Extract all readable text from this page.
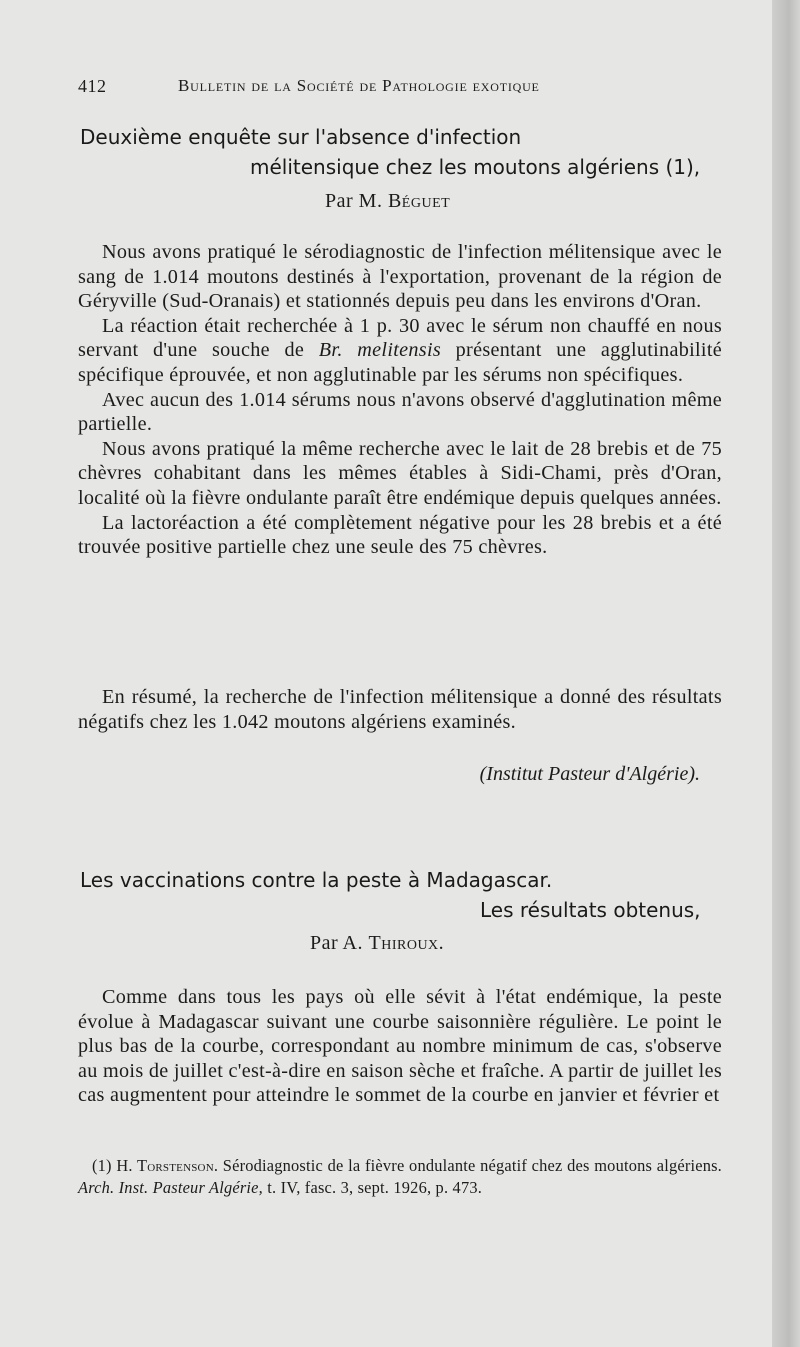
412	Bulletin de la Société de Pathologie exotique
Deuxième enquête sur l'absence d'infection
mélitensique chez les moutons algériens (1),
Par M. Béguet

Nous avons pratiqué le sérodiagnostic de l'infection mélitensique avec le sang de 1.014 moutons destinés à l'exportation, provenant de la région de Géryville (Sud-Oranais) et stationnés depuis peu dans les environs d'Oran.

La réaction était recherchée à 1 p. 30 avec le sérum non chauffé en nous servant d'une souche de Br. melitensis présentant une agglutinabilité spécifique éprouvée, et non agglutinable par les sérums non spécifiques.

Avec aucun des 1.014 sérums nous n'avons observé d'agglutination même partielle.

Nous avons pratiqué la même recherche avec le lait de 28 brebis et de 75 chèvres cohabitant dans les mêmes étables à Sidi-Chami, près d'Oran, localité où la fièvre ondulante paraît être endémique depuis quelques années.

La lactoréaction a été complètement négative pour les 28 brebis et a été trouvée positive partielle chez une seule des 75 chèvres.

En résumé, la recherche de l'infection mélitensique a donné des résultats négatifs chez les 1.042 moutons algériens examinés.

(Institut Pasteur d'Algérie).
Les vaccinations contre la peste à Madagascar.
Les résultats obtenus,
Par A. Thiroux.

Comme dans tous les pays où elle sévit à l'état endémique, la peste évolue à Madagascar suivant une courbe saisonnière régulière. Le point le plus bas de la courbe, correspondant au nombre minimum de cas, s'observe au mois de juillet c'est-à-dire en saison sèche et fraîche. A partir de juillet les cas augmentent pour atteindre le sommet de la courbe en janvier et février et

(1) H. Torstenson. Sérodiagnostic de la fièvre ondulante négatif chez des moutons algériens. Arch. Inst. Pasteur Algérie, t. IV, fasc. 3, sept. 1926, p. 473.
